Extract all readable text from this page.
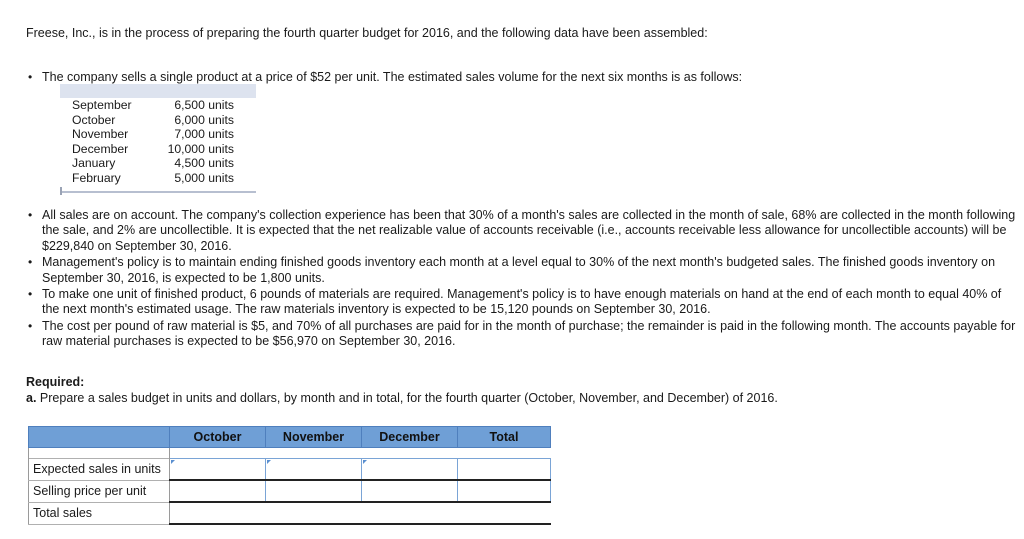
Freese, Inc., is in the process of preparing the fourth quarter budget for 2016, and the following data have been assembled:
• The company sells a single product at a price of $52 per unit. The estimated sales volume for the next six months is as follows:
September	6,500 units
October	6,000 units
November	7,000 units
December	10,000 units
January	4,500 units
February	5,000 units
• All sales are on account. The company's collection experience has been that 30% of a month's sales are collected in the month of sale, 68% are collected in the month following the sale, and 2% are uncollectible. It is expected that the net realizable value of accounts receivable (i.e., accounts receivable less allowance for uncollectible accounts) will be $229,840 on September 30, 2016.
• Management's policy is to maintain ending finished goods inventory each month at a level equal to 30% of the next month's budgeted sales. The finished goods inventory on September 30, 2016, is expected to be 1,800 units.
• To make one unit of finished product, 6 pounds of materials are required. Management's policy is to have enough materials on hand at the end of each month to equal 40% of the next month's estimated usage. The raw materials inventory is expected to be 15,120 pounds on September 30, 2016.
• The cost per pound of raw material is $5, and 70% of all purchases are paid for in the month of purchase; the remainder is paid in the following month. The accounts payable for raw material purchases is expected to be $56,970 on September 30, 2016.
Required:
a. Prepare a sales budget in units and dollars, by month and in total, for the fourth quarter (October, November, and December) of 2016.
	October	November	December	Total

Expected sales in units	

Selling price per unit				
Total sales				
